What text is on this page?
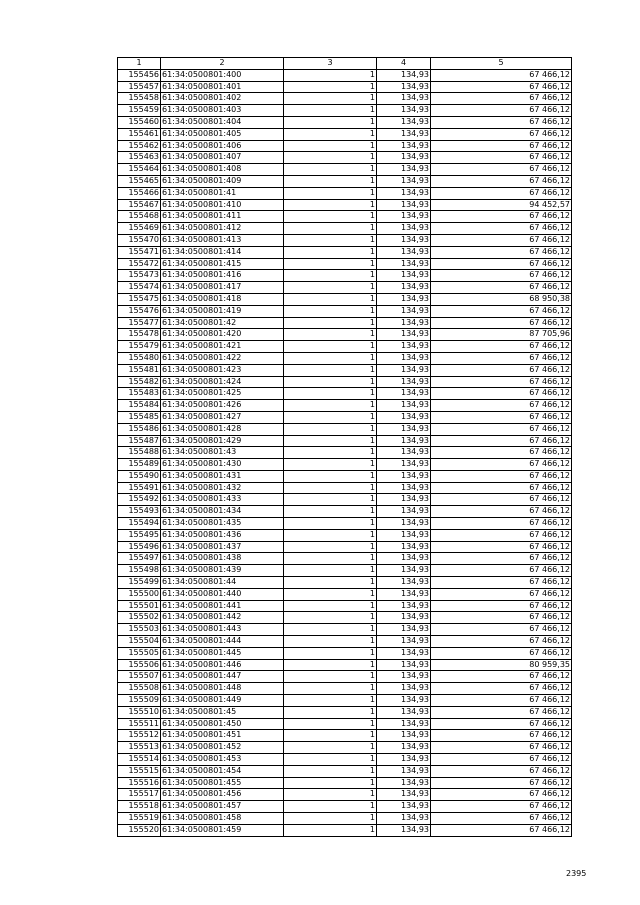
1	2	3	4	5
155456	61:34:0500801:400	1	134,93	67 466,12
155457	61:34:0500801:401	1	134,93	67 466,12
155458	61:34:0500801:402	1	134,93	67 466,12
155459	61:34:0500801:403	1	134,93	67 466,12
155460	61:34:0500801:404	1	134,93	67 466,12
155461	61:34:0500801:405	1	134,93	67 466,12
155462	61:34:0500801:406	1	134,93	67 466,12
155463	61:34:0500801:407	1	134,93	67 466,12
155464	61:34:0500801:408	1	134,93	67 466,12
155465	61:34:0500801:409	1	134,93	67 466,12
155466	61:34:0500801:41	1	134,93	67 466,12
155467	61:34:0500801:410	1	134,93	94 452,57
155468	61:34:0500801:411	1	134,93	67 466,12
155469	61:34:0500801:412	1	134,93	67 466,12
155470	61:34:0500801:413	1	134,93	67 466,12
155471	61:34:0500801:414	1	134,93	67 466,12
155472	61:34:0500801:415	1	134,93	67 466,12
155473	61:34:0500801:416	1	134,93	67 466,12
155474	61:34:0500801:417	1	134,93	67 466,12
155475	61:34:0500801:418	1	134,93	68 950,38
155476	61:34:0500801:419	1	134,93	67 466,12
155477	61:34:0500801:42	1	134,93	67 466,12
155478	61:34:0500801:420	1	134,93	87 705,96
155479	61:34:0500801:421	1	134,93	67 466,12
155480	61:34:0500801:422	1	134,93	67 466,12
155481	61:34:0500801:423	1	134,93	67 466,12
155482	61:34:0500801:424	1	134,93	67 466,12
155483	61:34:0500801:425	1	134,93	67 466,12
155484	61:34:0500801:426	1	134,93	67 466,12
155485	61:34:0500801:427	1	134,93	67 466,12
155486	61:34:0500801:428	1	134,93	67 466,12
155487	61:34:0500801:429	1	134,93	67 466,12
155488	61:34:0500801:43	1	134,93	67 466,12
155489	61:34:0500801:430	1	134,93	67 466,12
155490	61:34:0500801:431	1	134,93	67 466,12
155491	61:34:0500801:432	1	134,93	67 466,12
155492	61:34:0500801:433	1	134,93	67 466,12
155493	61:34:0500801:434	1	134,93	67 466,12
155494	61:34:0500801:435	1	134,93	67 466,12
155495	61:34:0500801:436	1	134,93	67 466,12
155496	61:34:0500801:437	1	134,93	67 466,12
155497	61:34:0500801:438	1	134,93	67 466,12
155498	61:34:0500801:439	1	134,93	67 466,12
155499	61:34:0500801:44	1	134,93	67 466,12
155500	61:34:0500801:440	1	134,93	67 466,12
155501	61:34:0500801:441	1	134,93	67 466,12
155502	61:34:0500801:442	1	134,93	67 466,12
155503	61:34:0500801:443	1	134,93	67 466,12
155504	61:34:0500801:444	1	134,93	67 466,12
155505	61:34:0500801:445	1	134,93	67 466,12
155506	61:34:0500801:446	1	134,93	80 959,35
155507	61:34:0500801:447	1	134,93	67 466,12
155508	61:34:0500801:448	1	134,93	67 466,12
155509	61:34:0500801:449	1	134,93	67 466,12
155510	61:34:0500801:45	1	134,93	67 466,12
155511	61:34:0500801:450	1	134,93	67 466,12
155512	61:34:0500801:451	1	134,93	67 466,12
155513	61:34:0500801:452	1	134,93	67 466,12
155514	61:34:0500801:453	1	134,93	67 466,12
155515	61:34:0500801:454	1	134,93	67 466,12
155516	61:34:0500801:455	1	134,93	67 466,12
155517	61:34:0500801:456	1	134,93	67 466,12
155518	61:34:0500801:457	1	134,93	67 466,12
155519	61:34:0500801:458	1	134,93	67 466,12
155520	61:34:0500801:459	1	134,93	67 466,12
2395
